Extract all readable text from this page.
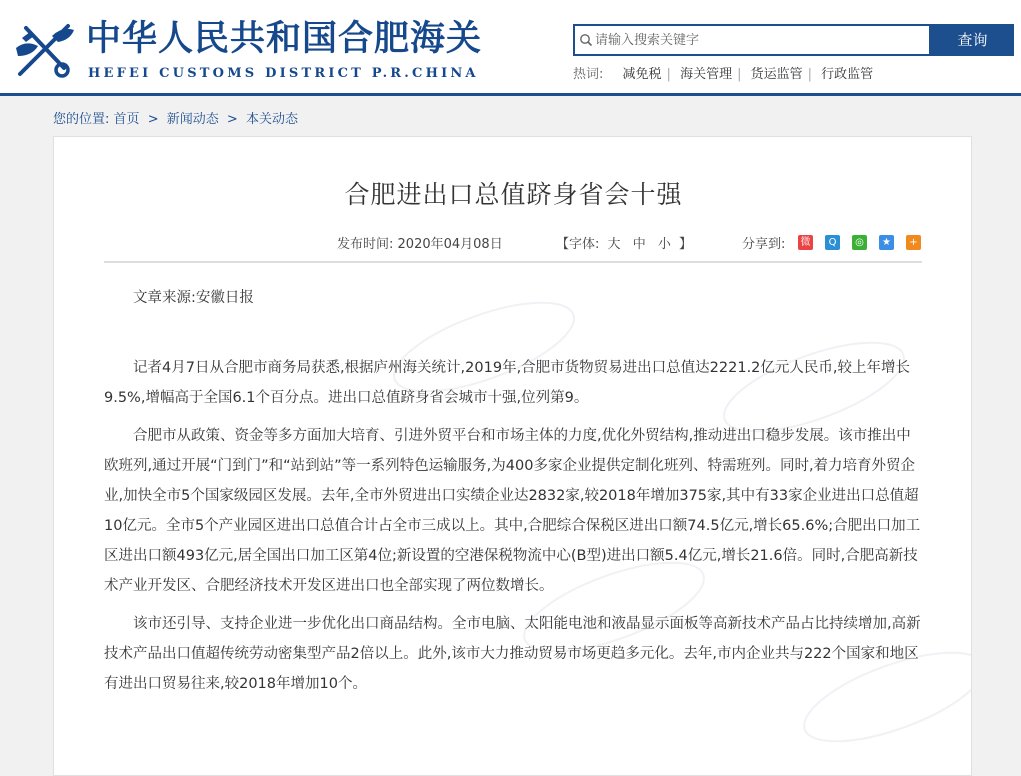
中华人民共和国合肥海关
HEFEI CUSTOMS DISTRICT P.R.CHINA
请输入搜索关键字
查询
热词: 减免税 | 海关管理 | 货运监管 | 行政监管
您的位置: 首页 > 新闻动态 > 本关动态
合肥进出口总值跻身省会十强
发布时间: 2020年04月08日	【字体: 大 中 小 】	分享到: 微	Q	◎	★	+

文章来源:安徽日报

记者4月7日从合肥市商务局获悉,根据庐州海关统计,2019年,合肥市货物贸易进出口总值达2221.2亿元人民币,较上年增长9.5%,增幅高于全国6.1个百分点。进出口总值跻身省会城市十强,位列第9。

合肥市从政策、资金等多方面加大培育、引进外贸平台和市场主体的力度,优化外贸结构,推动进出口稳步发展。该市推出中欧班列,通过开展“门到门”和“站到站”等一系列特色运输服务,为400多家企业提供定制化班列、特需班列。同时,着力培育外贸企业,加快全市5个国家级园区发展。去年,全市外贸进出口实绩企业达2832家,较2018年增加375家,其中有33家企业进出口总值超10亿元。全市5个产业园区进出口总值合计占全市三成以上。其中,合肥综合保税区进出口额74.5亿元,增长65.6%;合肥出口加工区进出口额493亿元,居全国出口加工区第4位;新设置的空港保税物流中心(B型)进出口额5.4亿元,增长21.6倍。同时,合肥高新技术产业开发区、合肥经济技术开发区进出口也全部实现了两位数增长。

该市还引导、支持企业进一步优化出口商品结构。全市电脑、太阳能电池和液晶显示面板等高新技术产品占比持续增加,高新技术产品出口值超传统劳动密集型产品2倍以上。此外,该市大力推动贸易市场更趋多元化。去年,市内企业共与222个国家和地区有进出口贸易往来,较2018年增加10个。
